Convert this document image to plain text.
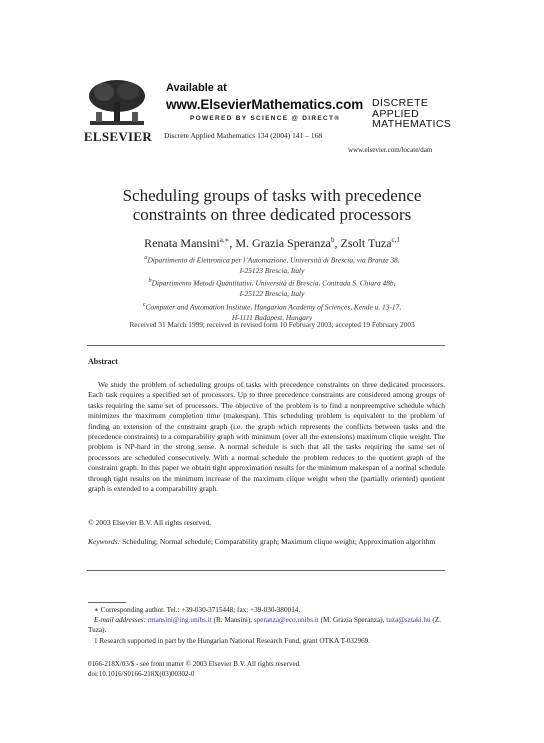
ELSEVIER
Available at
www.ElsevierMathematics.com
POWERED BY SCIENCE @ DIRECT®
Discrete Applied Mathematics 134 (2004) 141 – 168
DISCRETE
APPLIED
MATHEMATICS
www.elsevier.com/locate/dam
Scheduling groups of tasks with precedence
constraints on three dedicated processors
Renata Mansini$^{a,∗}$, M. Grazia Speranza$^b$, Zsolt Tuza$^{c,1}$
$^a$Dipartimento di Elettronica per l’Automazione, Università di Brescia, via Branze 38,
I-25123 Brescia, Italy
$^b$Dipartimento Metodi Quantitativi, Università di Brescia, Contrada S. Chiara 48b,
I-25122 Brescia, Italy
$^c$Computer and Automation Institute, Hungarian Academy of Sciences, Kende u. 13-17,
H-1111 Budapest, Hungary
Received 31 March 1999; received in revised form 10 February 2003; accepted 19 February 2003
Abstract

We study the problem of scheduling groups of tasks with precedence constraints on three dedicated processors. Each task requires a specified set of processors. Up to three precedence constraints are considered among groups of tasks requiring the same set of processors. The objective of the problem is to find a nonpreemptive schedule which minimizes the maximum completion time (makespan). This scheduling problem is equivalent to the problem of finding an extension of the constraint graph (i.e. the graph which represents the conflicts between tasks and the precedence constraints) to a comparability graph with minimum (over all the extensions) maximum clique weight. The problem is NP-hard in the strong sense. A normal schedule is such that all the tasks requiring the same set of processors are scheduled consecutively. With a normal schedule the problem reduces to the quotient graph of the constraint graph. In this paper we obtain tight approximation results for the minimum makespan of a normal schedule through tight results on the minimum increase of the maximum clique weight when the (partially oriented) quotient graph is extended to a comparability graph.

© 2003 Elsevier B.V. All rights reserved.
Keywords: Scheduling; Normal schedule; Comparability graph; Maximum clique weight; Approximation algorithm
∗ Corresponding author. Tel.: +39-030-3715448; fax: +39-030-380014.
E-mail addresses: rmansini@ing.unibs.it (R. Mansini), speranza@eco.unibs.it (M. Grazia Speranza), tuza@sztaki.hu (Z. Tuza).
1 Research supported in part by the Hungarian National Research Fund, grant OTKA T-032969.
0166-218X/03/$ - see front matter © 2003 Elsevier B.V. All rights reserved.
doi:10.1016/S0166-218X(03)00302-0
